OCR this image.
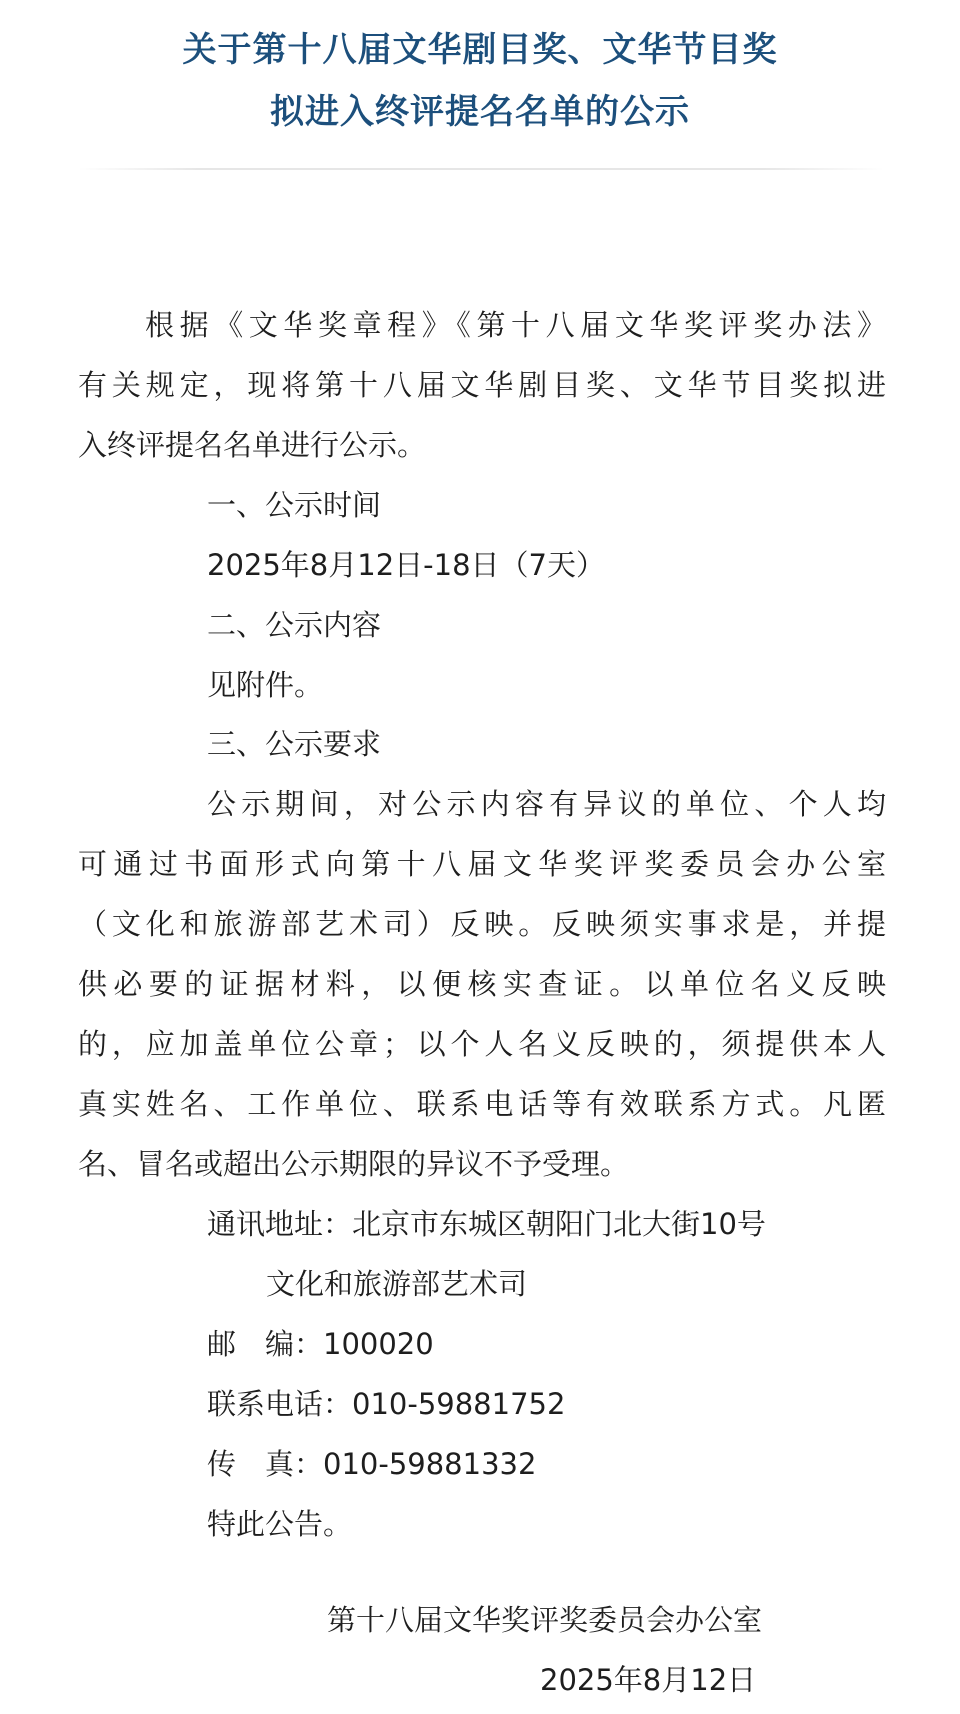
关于第十八届文华剧目奖、文华节目奖
拟进入终评提名名单的公示
根据《文华奖章程》《第十八届文华奖评奖办法》
有关规定，现将第十八届文华剧目奖、文华节目奖拟进
入终评提名名单进行公示。
一、公示时间
2025年8月12日-18日（7天）
二、公示内容
见附件。
三、公示要求
公示期间，对公示内容有异议的单位、个人均
可通过书面形式向第十八届文华奖评奖委员会办公室
（文化和旅游部艺术司）反映。反映须实事求是，并提
供必要的证据材料，以便核实查证。以单位名义反映
的，应加盖单位公章；以个人名义反映的，须提供本人
真实姓名、工作单位、联系电话等有效联系方式。凡匿
名、冒名或超出公示期限的异议不予受理。
通讯地址：北京市东城区朝阳门北大街10号
文化和旅游部艺术司
邮　编：100020
联系电话：010-59881752
传　真：010-59881332
特此公告。
第十八届文华奖评奖委员会办公室
2025年8月12日
